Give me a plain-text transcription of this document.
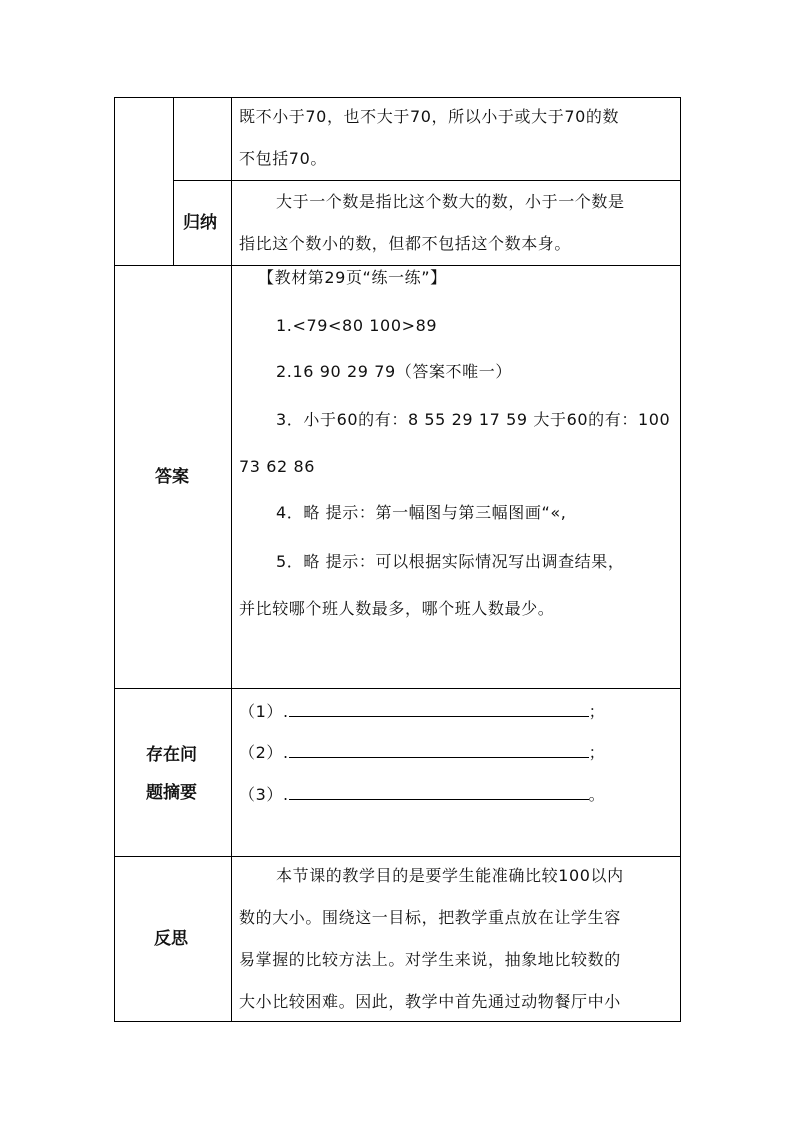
既不小于70，也不大于70，所以小于或大于70的数
不包括70。
归纳
大于一个数是指比这个数大的数，小于一个数是
指比这个数小的数，但都不包括这个数本身。
答案
【教材第29页“练一练”】
1.<79<80 100>89
2.16 90 29 79（答案不唯一）
3．小于60的有：8 55 29 17 59 大于60的有：100
73 62 86
4．略 提示：第一幅图与第三幅图画“«,
5．略 提示：可以根据实际情况写出调查结果，
并比较哪个班人数最多，哪个班人数最少。
存在问
题摘要
（1）.	；
（2）.	；
（3）.	。
反思
本节课的教学目的是要学生能准确比较100以内
数的大小。围绕这一目标，把教学重点放在让学生容
易掌握的比较方法上。对学生来说，抽象地比较数的
大小比较困难。因此，教学中首先通过动物餐厅中小
